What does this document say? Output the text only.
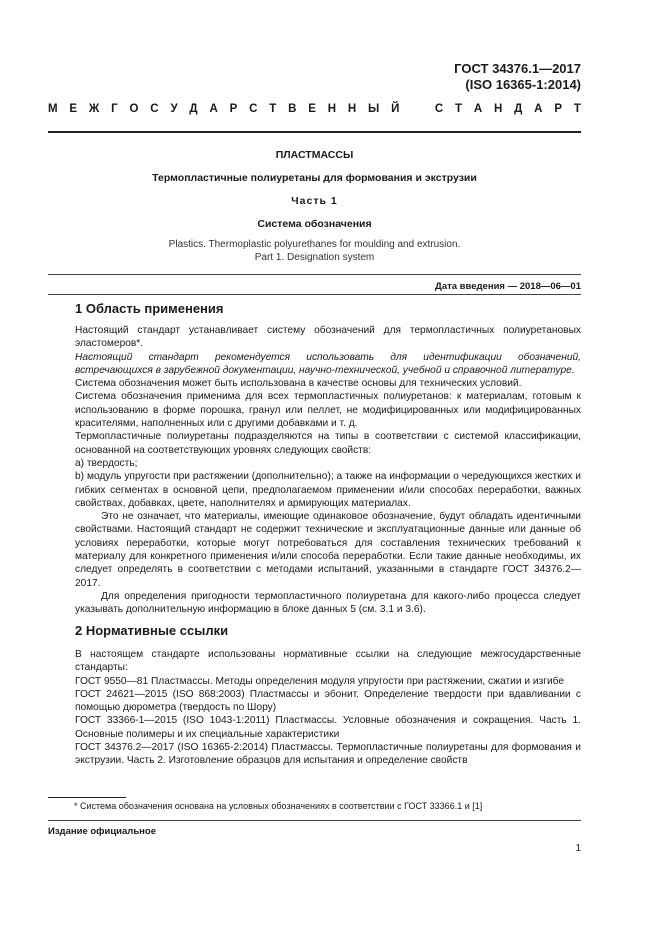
ГОСТ 34376.1—2017
(ISO 16365-1:2014)
М Е Ж Г О С У Д А Р С Т В Е Н Н Ы Й	С Т А Н Д А Р Т
ПЛАСТМАССЫ
Термопластичные полиуретаны для формования и экструзии
Часть 1
Система обозначения
Plastics. Thermoplastic polyurethanes for moulding and extrusion.
Part 1. Designation system
Дата введения — 2018—06—01
1 Область применения

Настоящий стандарт устанавливает систему обозначений для термопластичных полиуретановых эластомеров*.

Настоящий стандарт рекомендуется использовать для идентификации обозначений, встречающихся в зарубежной документации, научно-технической, учебной и справочной литературе.

Система обозначения может быть использована в качестве основы для технических условий.

Система обозначения применима для всех термопластичных полиуретанов: к материалам, готовым к использованию в форме порошка, гранул или пеллет, не модифицированных или модифицированных красителями, наполненных или с другими добавками и т. д.

Термопластичные полиуретаны подразделяются на типы в соответствии с системой классификации, основанной на соответствующих уровнях следующих свойств:

a) твердость;

b) модуль упругости при растяжении (дополнительно); а также на информации о чередующихся жестких и гибких сегментах в основной цепи, предполагаемом применении и/или способах переработки, важных свойствах, добавках, цвете, наполнителях и армирующих материалах.

Это не означает, что материалы, имеющие одинаковое обозначение, будут обладать идентичными свойствами. Настоящий стандарт не содержит технические и эксплуатационные данные или данные об условиях переработки, которые могут потребоваться для составления технических требований к материалу для конкретного применения и/или способа переработки. Если такие данные необходимы, их следует определять в соответствии с методами испытаний, указанными в стандарте ГОСТ 34376.2—2017.

Для определения пригодности термопластичного полиуретана для какого-либо процесса следует указывать дополнительную информацию в блоке данных 5 (см. 3.1 и 3.6).

2 Нормативные ссылки

В настоящем стандарте использованы нормативные ссылки на следующие межгосударственные стандарты:

ГОСТ 9550—81 Пластмассы. Методы определения модуля упругости при растяжении, сжатии и изгибе

ГОСТ 24621—2015 (ISO 868:2003) Пластмассы и эбонит. Определение твердости при вдавливании с помощью дюрометра (твердость по Шору)

ГОСТ 33366-1—2015 (ISO 1043-1:2011) Пластмассы. Условные обозначения и сокращения. Часть 1. Основные полимеры и их специальные характеристики

ГОСТ 34376.2—2017 (ISO 16365-2:2014) Пластмассы. Термопластичные полиуретаны для формования и экструзии. Часть 2. Изготовление образцов для испытания и определение свойств

* Система обозначения основана на условных обозначениях в соответствии с ГОСТ 33366.1 и [1]
Издание официальное
1
